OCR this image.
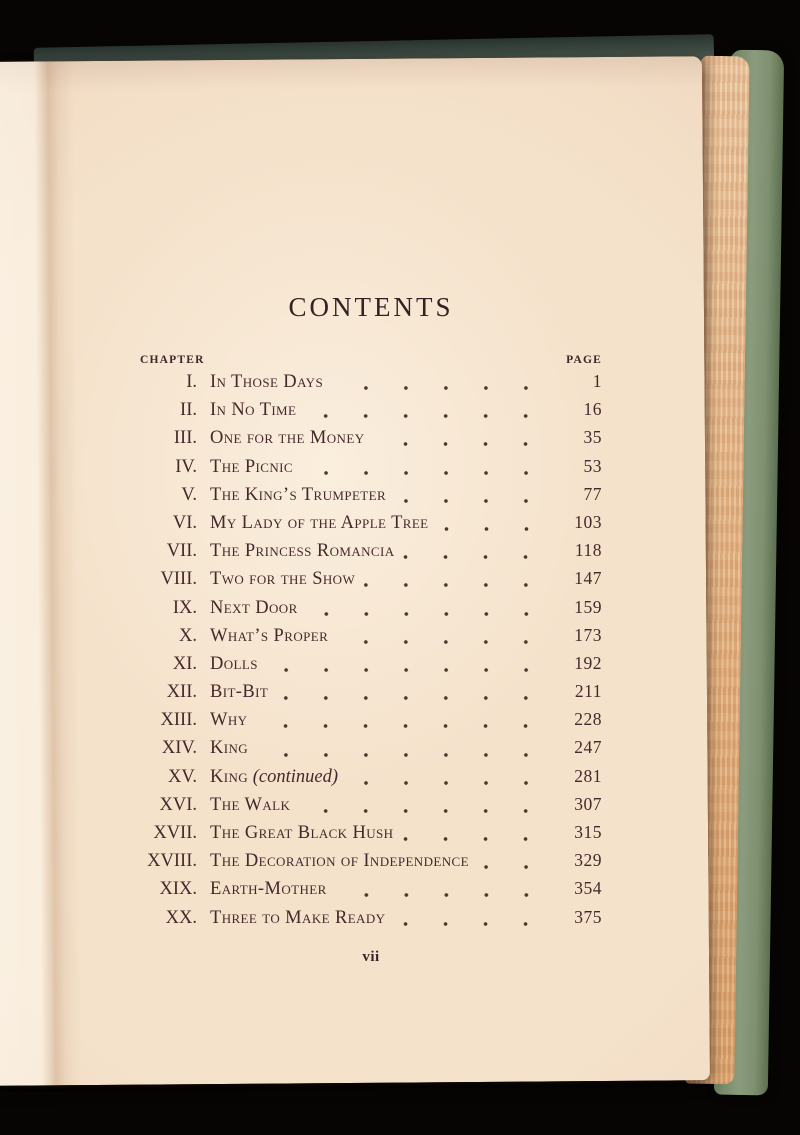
CONTENTS
CHAPTER	PAGE
I. In Those Days	1
II. In No Time	16
III. One for the Money	35
IV. The Picnic	53
V. The King’s Trumpeter	77
VI. My Lady of the Apple Tree	103
VII. The Princess Romancia	118
VIII. Two for the Show	147
IX. Next Door	159
X. What’s Proper	173
XI. Dolls	192
XII. Bit-Bit	211
XIII. Why	228
XIV. King	247
XV. King (continued)	281
XVI. The Walk	307
XVII. The Great Black Hush	315
XVIII. The Decoration of Independence	329
XIX. Earth-Mother	354
XX. Three to Make Ready	375
vii
